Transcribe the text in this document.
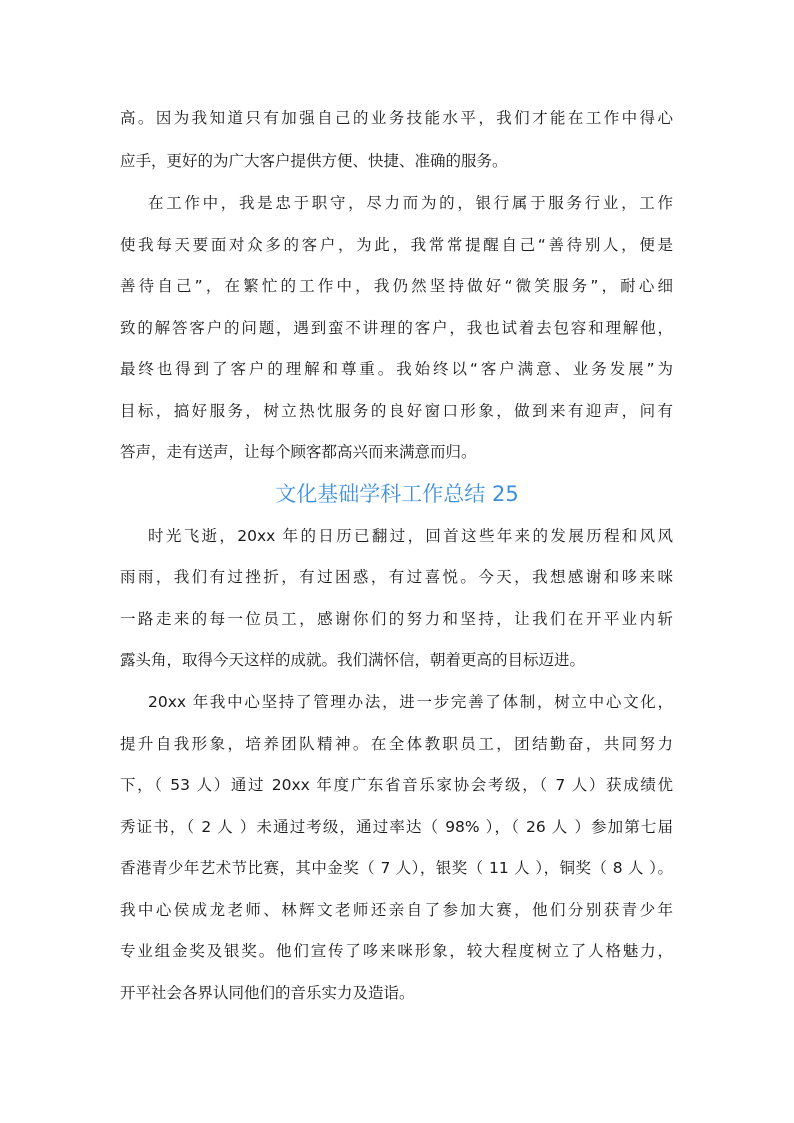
高。因为我知道只有加强自己的业务技能水平，我们才能在工作中得心
应手，更好的为广大客户提供方便、快捷、准确的服务。
在工作中，我是忠于职守，尽力而为的，银行属于服务行业，工作
使我每天要面对众多的客户，为此，我常常提醒自己“善待别人，便是
善待自己”，在繁忙的工作中，我仍然坚持做好“微笑服务”，耐心细
致的解答客户的问题，遇到蛮不讲理的客户，我也试着去包容和理解他，
最终也得到了客户的理解和尊重。我始终以“客户满意、业务发展”为
目标，搞好服务，树立热忱服务的良好窗口形象，做到来有迎声，问有
答声，走有送声，让每个顾客都高兴而来满意而归。
文化基础学科工作总结 25
时光飞逝，20xx 年的日历已翻过，回首这些年来的发展历程和风风
雨雨，我们有过挫折，有过困惑，有过喜悦。今天，我想感谢和哆来咪
一路走来的每一位员工，感谢你们的努力和坚持，让我们在开平业内斩
露头角，取得今天这样的成就。我们满怀信，朝着更高的目标迈进。
20xx 年我中心坚持了管理办法，进一步完善了体制，树立中心文化，
提升自我形象，培养团队精神。在全体教职员工，团结勤奋，共同努力
下，（ 53 人）通过 20xx 年度广东省音乐家协会考级，（ 7 人）获成绩优
秀证书，（ 2 人 ）未通过考级，通过率达（ 98% ），（ 26 人 ）参加第七届
香港青少年艺术节比赛，其中金奖（ 7 人），银奖（ 11 人 ），铜奖（ 8 人 ）。
我中心侯成龙老师、林辉文老师还亲自了参加大赛，他们分别获青少年
专业组金奖及银奖。他们宣传了哆来咪形象，较大程度树立了人格魅力，
开平社会各界认同他们的音乐实力及造诣。
